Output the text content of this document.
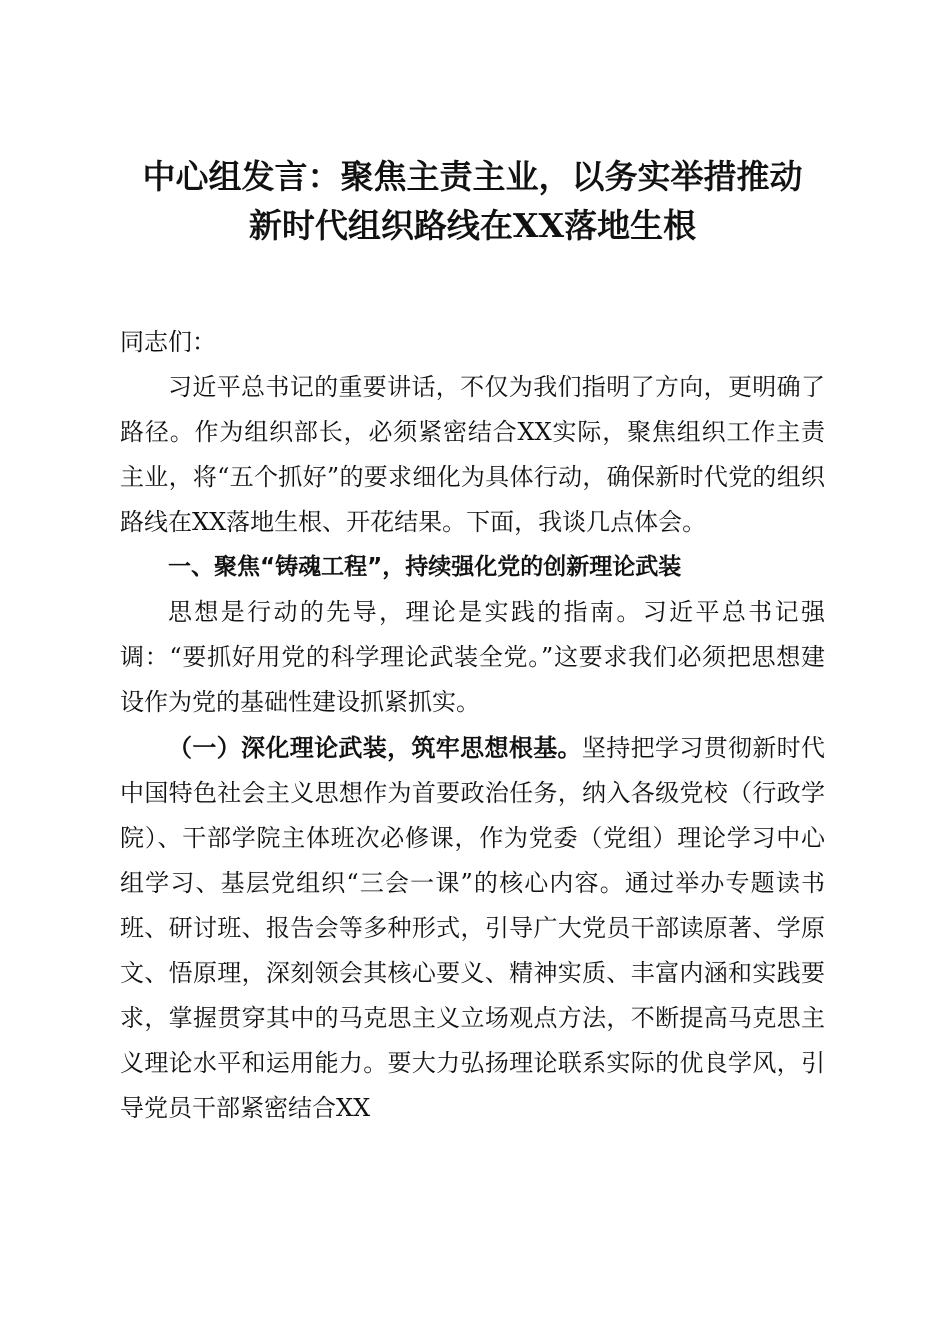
中心组发言：聚焦主责主业，以务实举措推动
新时代组织路线在XX落地生根

同志们：

习近平总书记的重要讲话，不仅为我们指明了方向，更明确了路径。作为组织部长，必须紧密结合XX实际，聚焦组织工作主责主业，将“五个抓好”的要求细化为具体行动，确保新时代党的组织路线在XX落地生根、开花结果。下面，我谈几点体会。

一、聚焦“铸魂工程”，持续强化党的创新理论武装

思想是行动的先导，理论是实践的指南。习近平总书记强调：“要抓好用党的科学理论武装全党。”这要求我们必须把思想建设作为党的基础性建设抓紧抓实。

（一）深化理论武装，筑牢思想根基。坚持把学习贯彻新时代中国特色社会主义思想作为首要政治任务，纳入各级党校（行政学院）、干部学院主体班次必修课，作为党委（党组）理论学习中心组学习、基层党组织“三会一课”的核心内容。通过举办专题读书班、研讨班、报告会等多种形式，引导广大党员干部读原著、学原文、悟原理，深刻领会其核心要义、精神实质、丰富内涵和实践要求，掌握贯穿其中的马克思主义立场观点方法，不断提高马克思主义理论水平和运用能力。要大力弘扬理论联系实际的优良学风，引导党员干部紧密结合XX
